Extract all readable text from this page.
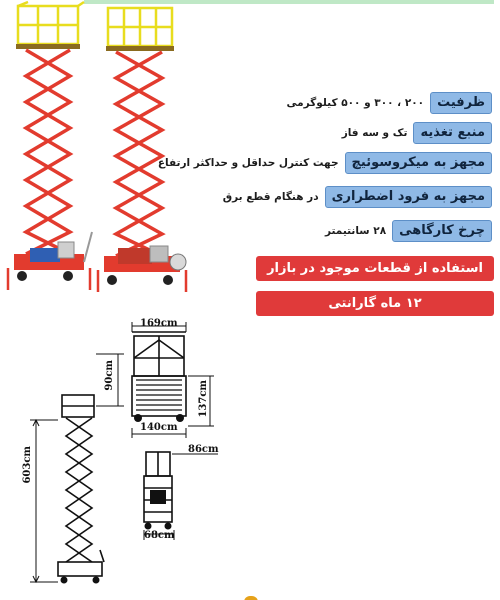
ظرفیت
۲۰۰ ، ۳۰۰ و ۵۰۰ کیلوگرمی
منبع تغذیه
تک و سه فاز
مجهز به میکروسوئیچ
جهت کنترل حداقل و حداکثر ارتفاع
مجهز به فرود اضطراری
در هنگام قطع برق
چرخ کارگاهی
۲۸ سانتیمتر
استفاده از قطعات موجود در بازار
۱۲ ماه گارانتی
169cm
90cm
137cm
140cm
603cm	86cm
68cm
